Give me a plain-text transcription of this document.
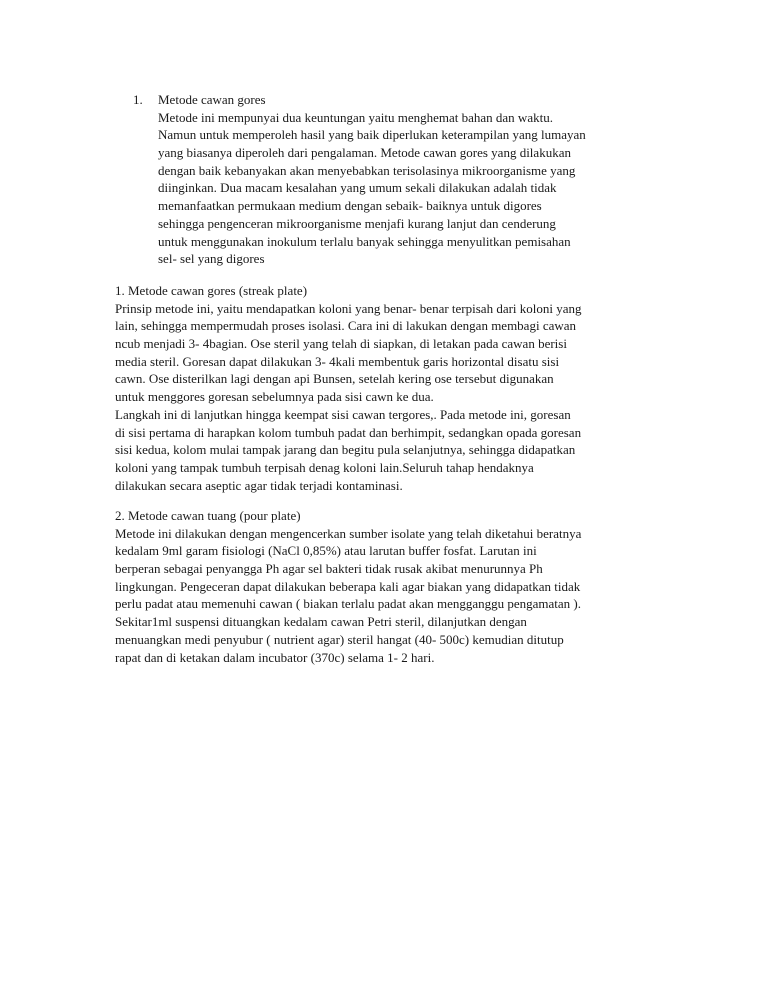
1.	Metode cawan gores
Metode ini mempunyai dua keuntungan yaitu menghemat bahan dan waktu.
Namun untuk memperoleh hasil yang baik diperlukan keterampilan yang lumayan
yang biasanya diperoleh dari pengalaman. Metode cawan gores yang dilakukan
dengan baik kebanyakan akan menyebabkan terisolasinya mikroorganisme yang
diinginkan. Dua macam kesalahan yang umum sekali dilakukan adalah tidak
memanfaatkan permukaan medium dengan sebaik- baiknya untuk digores
sehingga pengenceran mikroorganisme menjafi kurang lanjut dan cenderung
untuk menggunakan inokulum terlalu banyak sehingga menyulitkan pemisahan
sel- sel yang digores
1. Metode cawan gores (streak plate)
Prinsip metode ini, yaitu mendapatkan koloni yang benar- benar terpisah dari koloni yang
lain, sehingga mempermudah proses isolasi. Cara ini di lakukan dengan membagi cawan
ncub menjadi 3- 4bagian. Ose steril yang telah di siapkan, di letakan pada cawan berisi
media steril. Goresan dapat dilakukan 3- 4kali membentuk garis horizontal disatu sisi
cawn. Ose disterilkan lagi dengan api Bunsen, setelah kering ose tersebut digunakan
untuk menggores goresan sebelumnya pada sisi cawn ke dua.
Langkah ini di lanjutkan hingga keempat sisi cawan tergores,. Pada metode ini, goresan
di sisi pertama di harapkan kolom tumbuh padat dan berhimpit, sedangkan opada goresan
sisi kedua, kolom mulai tampak jarang dan begitu pula selanjutnya, sehingga didapatkan
koloni yang tampak tumbuh terpisah denag koloni lain.Seluruh tahap hendaknya
dilakukan secara aseptic agar tidak terjadi kontaminasi.
2. Metode cawan tuang (pour plate)
Metode ini dilakukan dengan mengencerkan sumber isolate yang telah diketahui beratnya
kedalam 9ml garam fisiologi (NaCl 0,85%) atau larutan buffer fosfat. Larutan ini
berperan sebagai penyangga Ph agar sel bakteri tidak rusak akibat menurunnya Ph
lingkungan. Pengeceran dapat dilakukan beberapa kali agar biakan yang didapatkan tidak
perlu padat atau memenuhi cawan ( biakan terlalu padat akan mengganggu pengamatan ).
Sekitar1ml suspensi dituangkan kedalam cawan Petri steril, dilanjutkan dengan
menuangkan medi penyubur ( nutrient agar) steril hangat (40- 500c) kemudian ditutup
rapat dan di ketakan dalam incubator (370c) selama 1- 2 hari.
